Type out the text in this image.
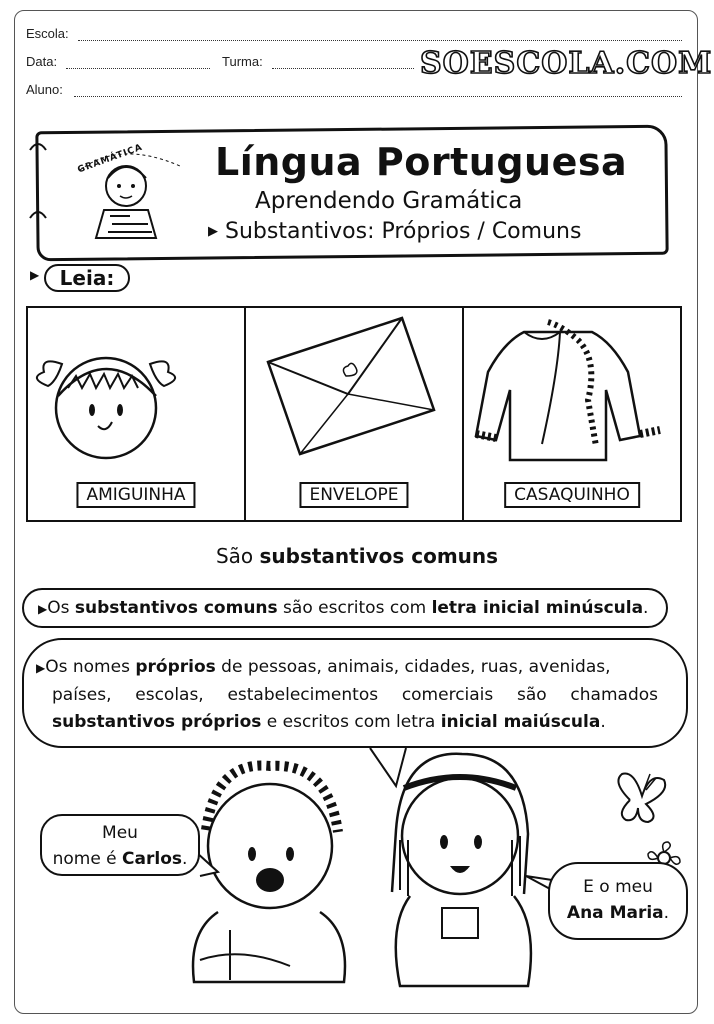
Escola:
Data:	Turma:
Aluno:
SOESCOLA.COM
GRAMÁTICA Língua Portuguesa
Aprendendo Gramática
▶ Substantivos: Próprios / Comuns
▶	Leia:
AMIGUINHA	ENVELOPE	CASAQUINHO
São substantivos comuns
▶Os substantivos comuns são escritos com letra inicial minúscula.
▶Os nomes próprios de pessoas, animais, cidades, ruas, avenidas,
países, escolas, estabelecimentos comerciais são chamados
substantivos próprios e escritos com letra inicial maiúscula.
Meu
nome é Carlos.
E o meu
Ana Maria.
